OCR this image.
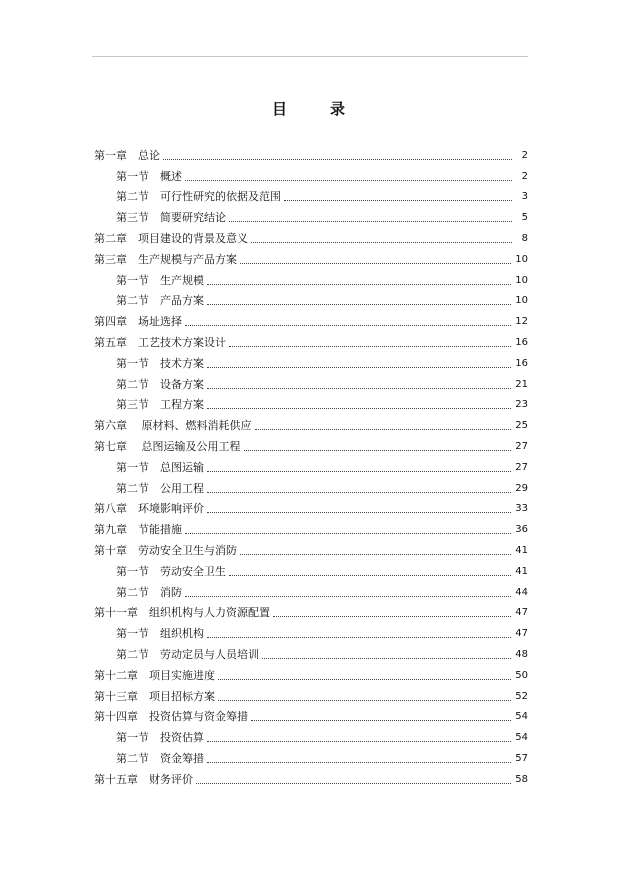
目　录
第一章　总论	2
第一节　概述	2
第二节　可行性研究的依据及范围	3
第三节　简要研究结论	5
第二章　项目建设的背景及意义	8
第三章　生产规模与产品方案	10
第一节　生产规模	10
第二节　产品方案	10
第四章　场址选择	12
第五章　工艺技术方案设计	16
第一节　技术方案	16
第二节　设备方案	21
第三节　工程方案	23
第六章　 原材料、燃料消耗供应	25
第七章　 总图运输及公用工程	27
第一节　总图运输	27
第二节　公用工程	29
第八章　环境影响评价	33
第九章　节能措施	36
第十章　劳动安全卫生与消防	41
第一节　劳动安全卫生	41
第二节　消防	44
第十一章　组织机构与人力资源配置	47
第一节　组织机构	47
第二节　劳动定员与人员培训	48
第十二章　项目实施进度	50
第十三章　项目招标方案	52
第十四章　投资估算与资金筹措	54
第一节　投资估算	54
第二节　资金筹措	57
第十五章　财务评价	58
